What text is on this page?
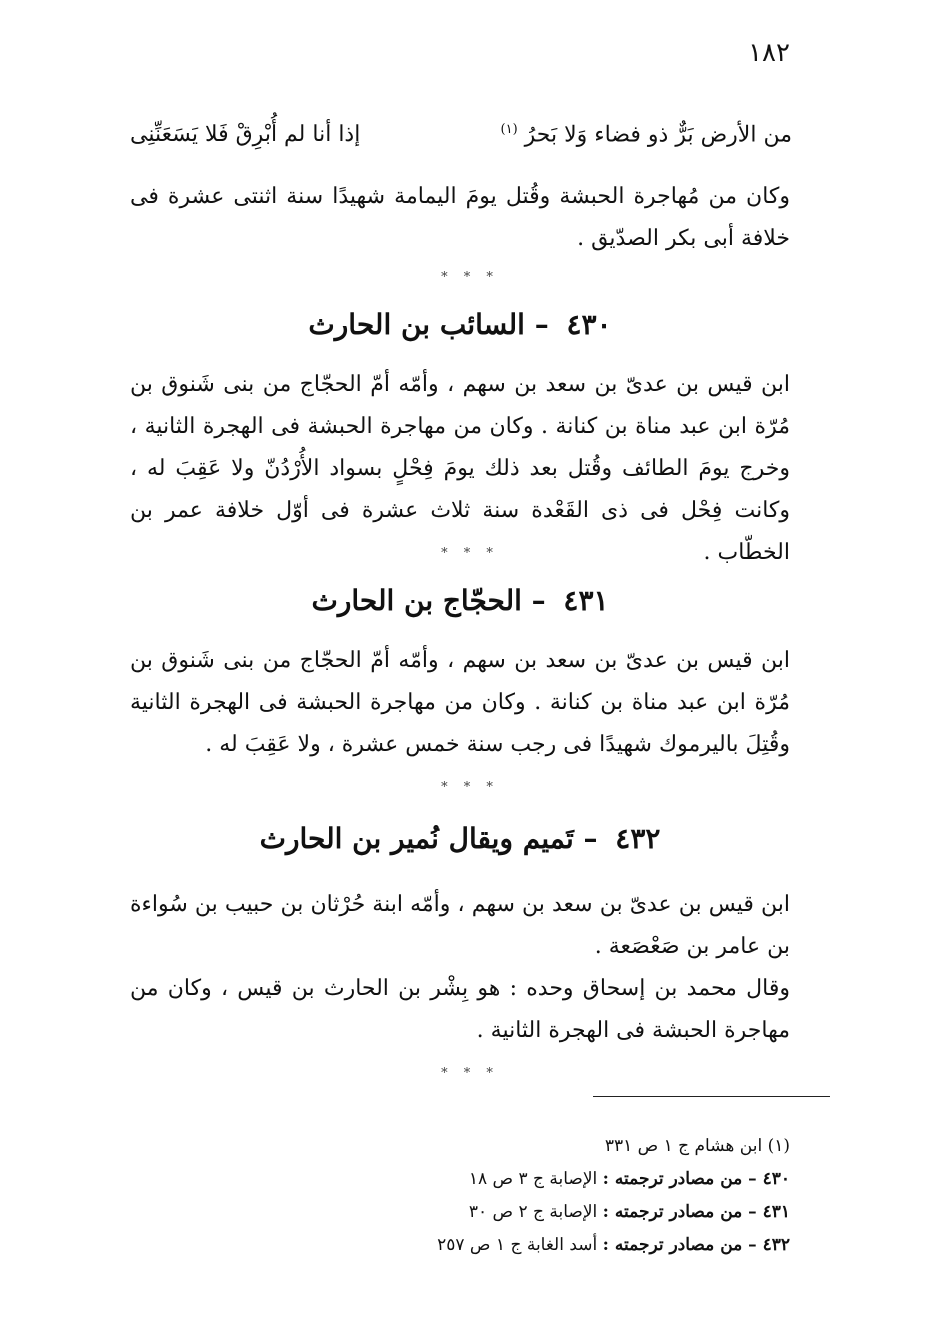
١٨٢
إذا أنا لم أُبْرِقْ فَلا يَسَعَنِّنِى	من الأرض بَرٌّ ذو فضاء وَلا بَحرُ $^{(١)}$
وكان من مُهاجرة الحبشة وقُتل يومَ اليمامة شهيدًا سنة اثنتى عشرة فى خلافة أبى بكر الصدّيق .
* * *
٤٣٠ – السائب بن الحارث
ابن قيس بن عدىّ بن سعد بن سهم ، وأمّه أمّ الحجّاج من بنى شَنوق بن مُرّة ابن عبد مناة بن كنانة . وكان من مهاجرة الحبشة فى الهجرة الثانية ، وخرج يومَ الطائف وقُتل بعد ذلك يومَ فِحْلٍ بسواد الأُرْدُنّ ولا عَقِبَ له ، وكانت فِحْل فى ذى القَعْدة سنة ثلاث عشرة فى أوّل خلافة عمر بن الخطّاب .
* * *
٤٣١ – الحجّاج بن الحارث
ابن قيس بن عدىّ بن سعد بن سهم ، وأمّه أمّ الحجّاج من بنى شَنوق بن مُرّة ابن عبد مناة بن كنانة . وكان من مهاجرة الحبشة فى الهجرة الثانية وقُتِلَ باليرموك شهيدًا فى رجب سنة خمس عشرة ، ولا عَقِبَ له .
* * *
٤٣٢ – تَميم ويقال نُمير بن الحارث
ابن قيس بن عدىّ بن سعد بن سهم ، وأمّه ابنة حُرْثان بن حبيب بن سُواءة بن عامر بن صَعْصَعة .
وقال محمد بن إسحاق وحده : هو بِشْر بن الحارث بن قيس ، وكان من مهاجرة الحبشة فى الهجرة الثانية .
* * *
(١) ابن هشام ج ١ ص ٣٣١
٤٣٠ – من مصادر ترجمته : الإصابة ج ٣ ص ١٨
٤٣١ – من مصادر ترجمته : الإصابة ج ٢ ص ٣٠
٤٣٢ – من مصادر ترجمته : أسد الغابة ج ١ ص ٢٥٧
